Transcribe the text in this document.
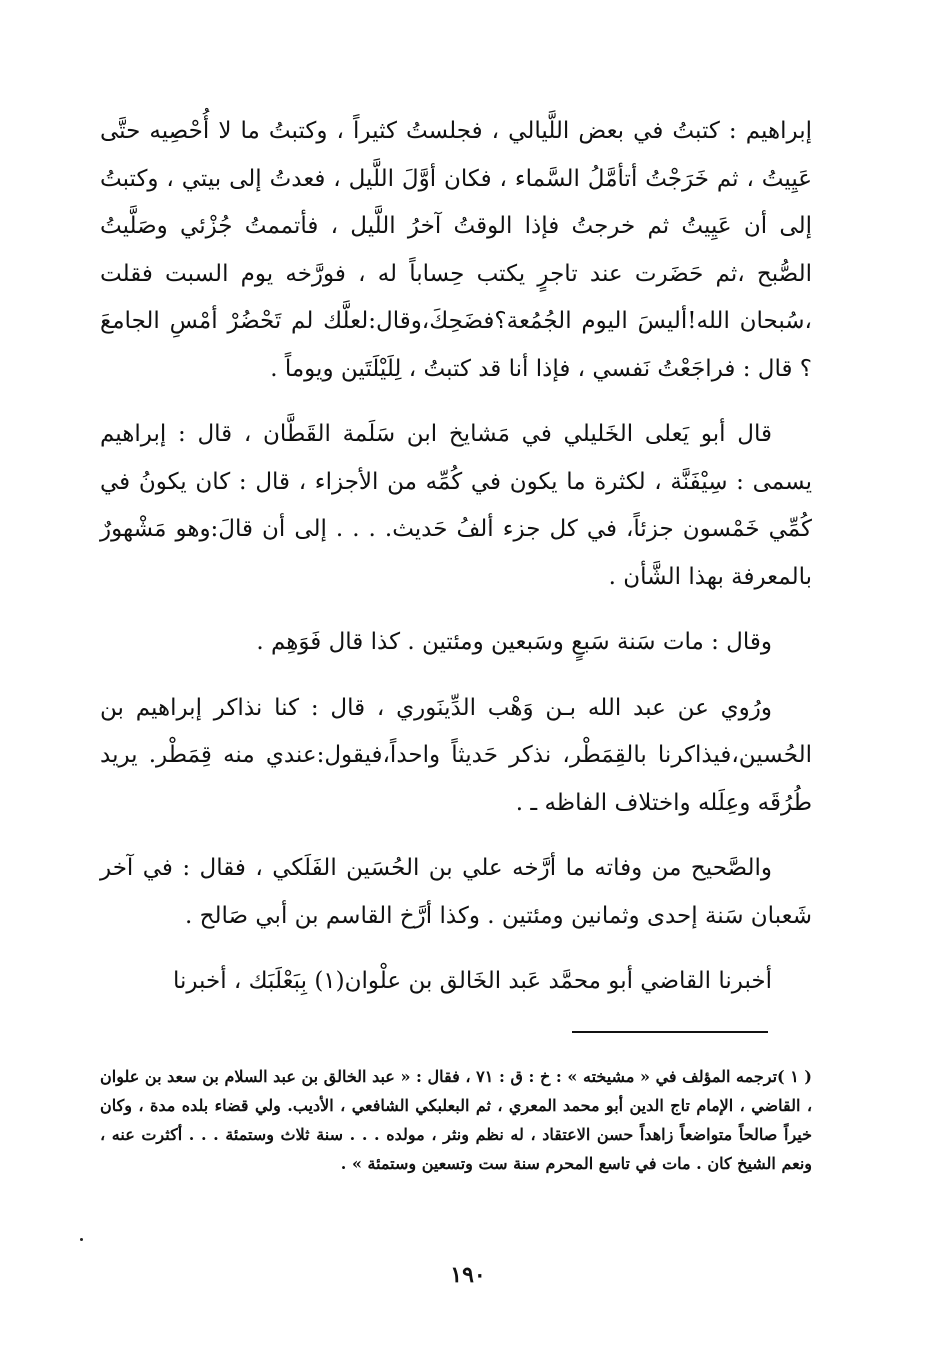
إبراهيم : كتبتُ في بعض اللَّيالي ، فجلستُ كثيراً ، وكتبتُ ما لا أُحْصِيه حتَّى عَيِيتُ ، ثم خَرَجْتُ أتأمَّلُ السَّماء ، فكان أوَّلَ اللَّيل ، فعدتُ إلى بيتي ، وكتبتُ إلى أن عَيِيتُ ثم خرجتُ فإذا الوقتُ آخرُ اللَّيل ، فأتممتُ جُزْئي وصَلَّيتُ الصُّبح ،ثم حَضَرت عند تاجرٍ يكتب حِساباً له ، فورَّخه يوم السبت فقلت ،سُبحان الله!أليسَ اليوم الجُمُعة؟فضَحِكَ،وقال:لعلَّك لم تَحْضُرْ أمْسِ الجامعَ ؟ قال : فراجَعْتُ نَفسي ، فإذا أنا قد كتبتُ ، لِلَيْلَتَين ويوماً .

قال أبو يَعلى الخَليلي في مَشايخ ابن سَلَمة القَطَّان ، قال : إبراهيم يسمى : سِيْفَنَّة ، لكثرة ما يكون في كُمِّه من الأجزاء ، قال : كان يكونُ في كُمِّي خَمْسون جزئاً، في كل جزء ألفُ حَديث. . . . إلى أن قالَ:وهو مَشْهورٌ بالمعرفة بهذا الشَّأن .

وقال : مات سَنة سَبعٍ وسَبعين ومئتين . كذا قال فَوَهِم .

ورُوي عن عبد الله بـن وَهْب الدِّينَوري ، قال : كنا نذاكر إبراهيم بن الحُسين،فيذاكرنا بالقِمَطْر، نذكر حَديثاً واحداً،فيقول:عندي منه قِمَطْر. يريد طُرُقَه وعِلَله واختلاف الفاظه ـ .

والصَّحيح من وفاته ما أرَّخه علي بن الحُسَين الفَلَكي ، فقال : في آخر شَعبان سَنة إحدى وثمانين ومئتين . وكذا أرَّخ القاسم بن أبي صَالح .

أخبرنا القاضي أبو محمَّد عَبد الخَالق بن علْوان(١) بِبَعْلَبَك ، أخبرنا

( ١ )ترجمه المؤلف في « مشيخته » : خ : ق : ٧١ ، فقال : « عبد الخالق بن عبد السلام بن سعد بن علوان ، القاضي ، الإمام تاج الدين أبو محمد المعري ، ثم البعلبكي الشافعي ، الأديب. ولي قضاء بلده مدة ، وكان خيراً صالحاً متواضعاً زاهداً حسن الاعتقاد ، له نظم ونثر ، مولده . . . سنة ثلاث وستمئة . . . أكثرت عنه ، ونعم الشيخ كان . مات في تاسع المحرم سنة ست وتسعين وستمئة » .

١٩٠
